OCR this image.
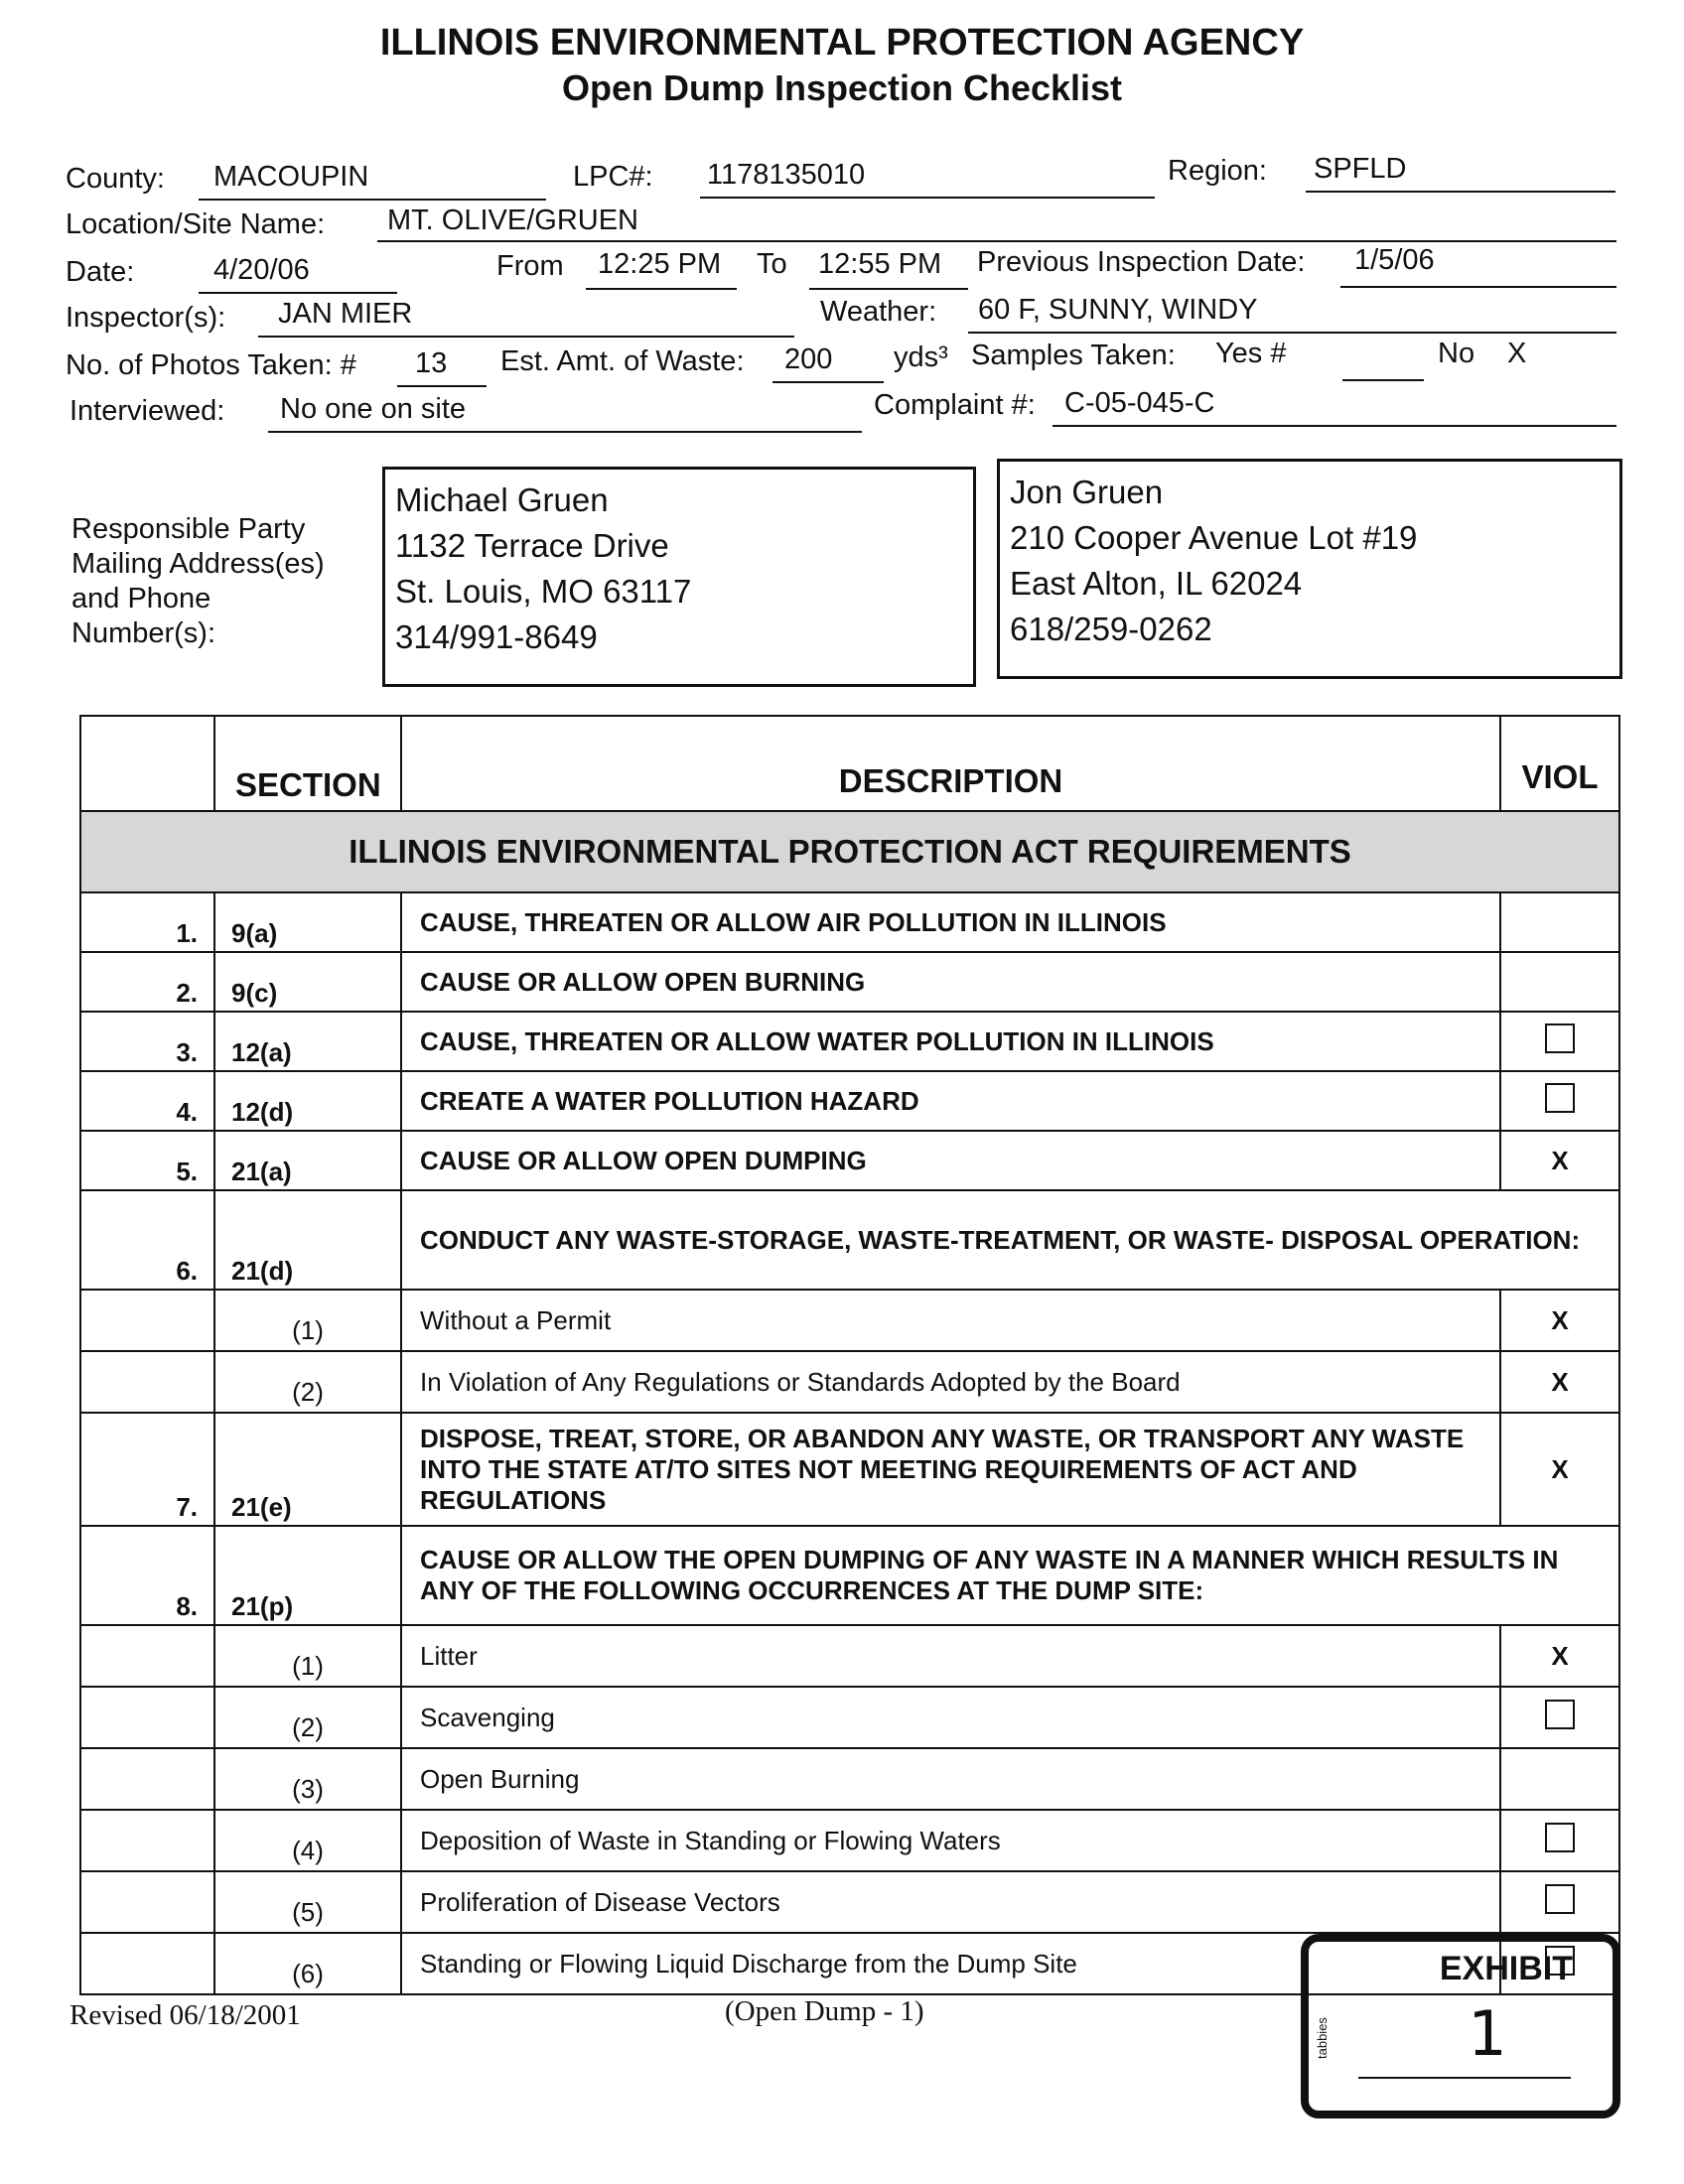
ILLINOIS ENVIRONMENTAL PROTECTION AGENCY
Open Dump Inspection Checklist
County: MACOUPIN	LPC#: 1178135010	Region: SPFLD
Location/Site Name: MT. OLIVE/GRUEN
Date:	4/20/06	From 12:25 PM To 12:55 PM Previous Inspection Date: 1/5/06
Inspector(s): JAN MIER	Weather: 60 F, SUNNY, WINDY
No. of Photos Taken: # 13 Est. Amt. of Waste: 200 yds³ Samples Taken: Yes #	No X
Interviewed: No one on site	Complaint #: C-05-045-C
Responsible Party
Mailing Address(es)
and Phone
Number(s):
Michael Gruen
1132 Terrace Drive
St. Louis, MO 63117
314/991-8649
Jon Gruen
210 Cooper Avenue Lot #19
East Alton, IL 62024
618/259-0262
	SECTION	DESCRIPTION	VIOL
ILLINOIS ENVIRONMENTAL PROTECTION ACT REQUIREMENTS			
1.	9(a)	CAUSE, THREATEN OR ALLOW AIR POLLUTION IN ILLINOIS	
2.	9(c)	CAUSE OR ALLOW OPEN BURNING	
3.	12(a)	CAUSE, THREATEN OR ALLOW WATER POLLUTION IN ILLINOIS	
4.	12(d)	CREATE A WATER POLLUTION HAZARD	
5.	21(a)	CAUSE OR ALLOW OPEN DUMPING	X
6.	21(d)	CONDUCT ANY WASTE-STORAGE, WASTE-TREATMENT, OR WASTE- DISPOSAL OPERATION:	
	(1)	Without a Permit	X
	(2)	In Violation of Any Regulations or Standards Adopted by the Board	X
7.	21(e)	DISPOSE, TREAT, STORE, OR ABANDON ANY WASTE, OR TRANSPORT ANY WASTE INTO THE STATE AT/TO SITES NOT MEETING REQUIREMENTS OF ACT AND REGULATIONS	X
8.	21(p)	CAUSE OR ALLOW THE OPEN DUMPING OF ANY WASTE IN A MANNER WHICH RESULTS IN ANY OF THE FOLLOWING OCCURRENCES AT THE DUMP SITE:	
	(1)	Litter	X
	(2)	Scavenging	
	(3)	Open Burning	
	(4)	Deposition of Waste in Standing or Flowing Waters	
	(5)	Proliferation of Disease Vectors	
	(6)	Standing or Flowing Liquid Discharge from the Dump Site	
Revised 06/18/2001	(Open Dump - 1)
EXHIBIT
tabbies	1
